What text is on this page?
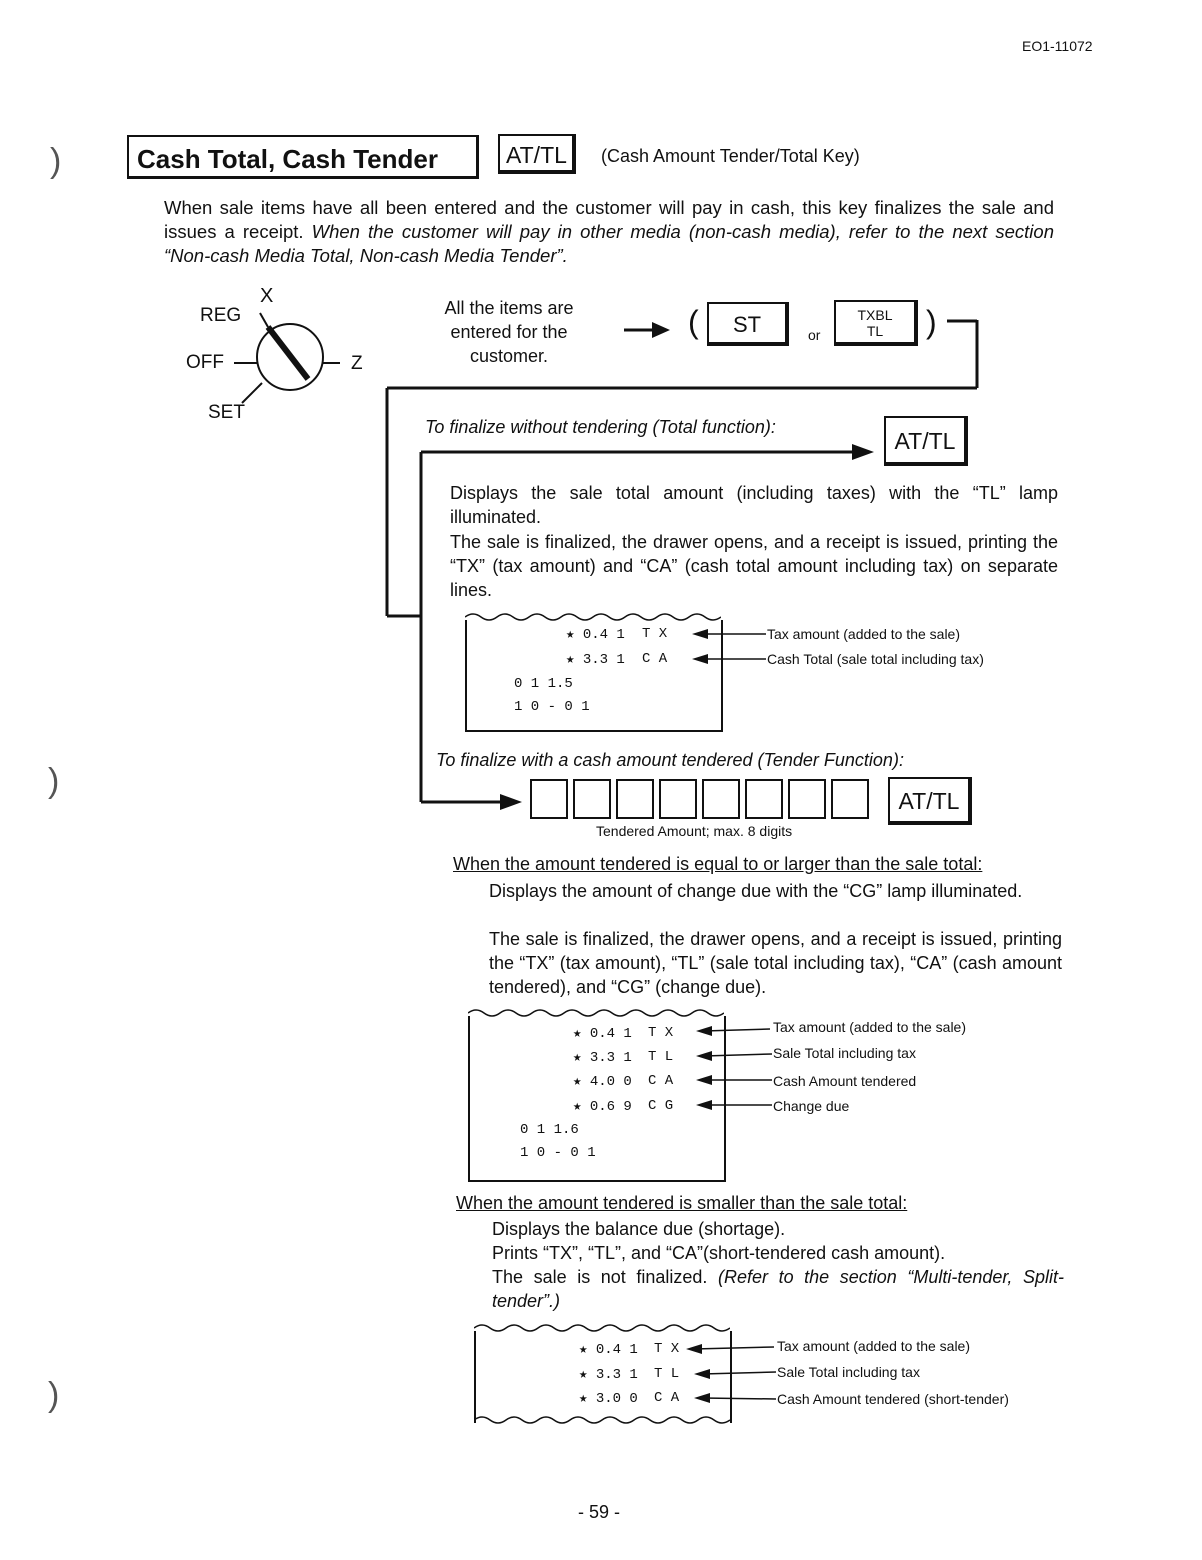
EO1-11072
)
)
)
Cash Total, Cash Tender	AT/TL (Cash Amount Tender/Total Key)
When sale items have all been entered and the customer will pay in cash, this key finalizes the sale and issues a receipt. When the customer will pay in other media (non-cash media), refer to the next section “Non-cash Media Total, Non-cash Media Tender”.
X
REG
OFF	Z
SET
All the items are entered for the customer.
(	ST	or
TXBL
TL	)
To finalize without tendering (Total function):
AT/TL
Displays the sale total amount (including taxes) with the “TL” lamp illuminated.
The sale is finalized, the drawer opens, and a receipt is issued, printing the “TX” (tax amount) and “CA” (cash total amount including tax) on separate lines.
★ 0.4 1 T X
★ 3.3 1 C A
0 1 1.5
1 0 - 0 1
Tax amount (added to the sale)
Cash Total (sale total including tax)
To finalize with a cash amount tendered (Tender Function):
AT/TL
Tendered Amount; max. 8 digits
When the amount tendered is equal to or larger than the sale total:
Displays the amount of change due with the “CG” lamp illuminated.
The sale is finalized, the drawer opens, and a receipt is issued, printing the “TX” (tax amount), “TL” (sale total including tax), “CA” (cash amount tendered), and “CG” (change due).
★ 0.4 1 T X
★ 3.3 1 T L
★ 4.0 0 C A
★ 0.6 9 C G
0 1 1.6
1 0 - 0 1
Tax amount (added to the sale)
Sale Total including tax
Cash Amount tendered
Change due
When the amount tendered is smaller than the sale total:
Displays the balance due (shortage).
Prints “TX”, “TL”, and “CA”(short-tendered cash amount).
The sale is not finalized. (Refer to the section “Multi-tender, Split-tender”.)
★ 0.4 1 T X
★ 3.3 1 T L
★ 3.0 0 C A
Tax amount (added to the sale)
Sale Total including tax
Cash Amount tendered (short-tender)
- 59 -
